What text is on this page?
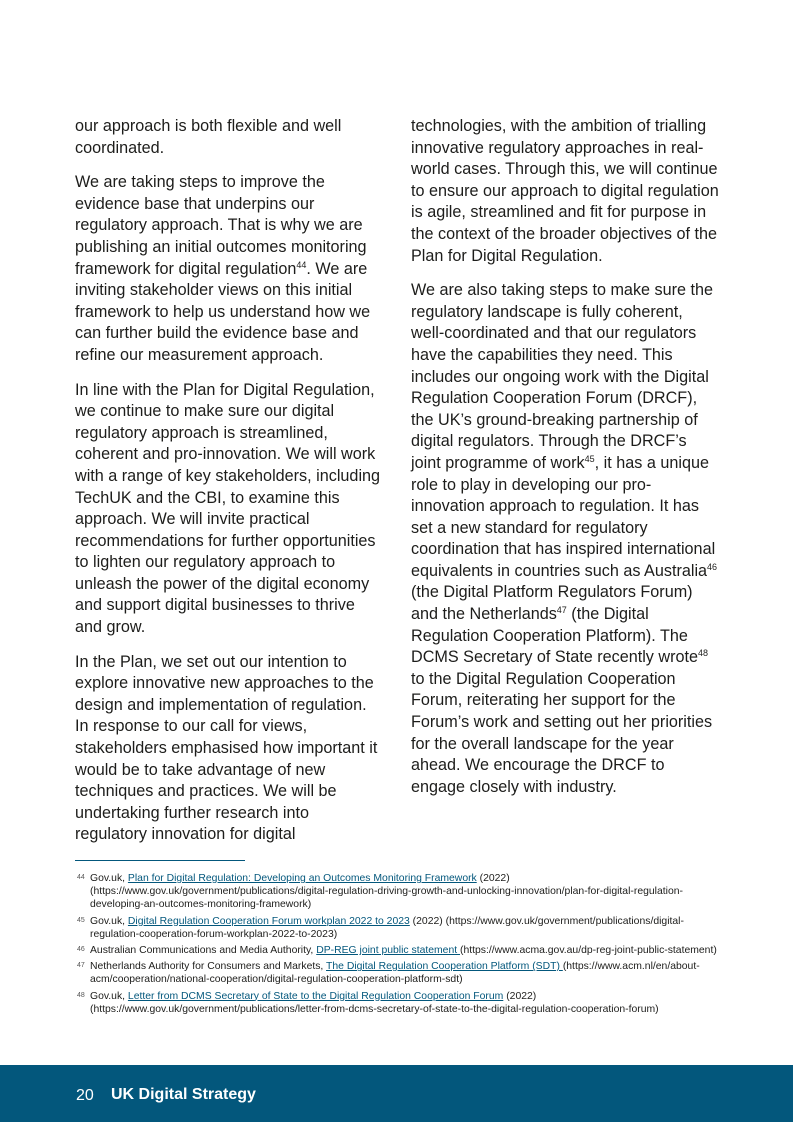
our approach is both flexible and well coordinated.

We are taking steps to improve the evidence base that underpins our regulatory approach. That is why we are publishing an initial outcomes monitoring framework for digital regulation$^{44}$. We are inviting stakeholder views on this initial framework to help us understand how we can further build the evidence base and refine our measurement approach.

In line with the Plan for Digital Regulation, we continue to make sure our digital regulatory approach is streamlined, coherent and pro-innovation. We will work with a range of key stakeholders, including TechUK and the CBI, to examine this approach. We will invite practical recommendations for further opportunities to lighten our regulatory approach to unleash the power of the digital economy and support digital businesses to thrive and grow.

In the Plan, we set out our intention to explore innovative new approaches to the design and implementation of regulation. In response to our call for views, stakeholders emphasised how important it would be to take advantage of new techniques and practices. We will be undertaking further research into regulatory innovation for digital

technologies, with the ambition of trialling innovative regulatory approaches in real-world cases. Through this, we will continue to ensure our approach to digital regulation is agile, streamlined and fit for purpose in the context of the broader objectives of the Plan for Digital Regulation.

We are also taking steps to make sure the regulatory landscape is fully coherent, well-coordinated and that our regulators have the capabilities they need. This includes our ongoing work with the Digital Regulation Cooperation Forum (DRCF), the UK’s ground-breaking partnership of digital regulators. Through the DRCF’s joint programme of work$^{45}$, it has a unique role to play in developing our pro-innovation approach to regulation. It has set a new standard for regulatory coordination that has inspired international equivalents in countries such as Australia$^{46}$ (the Digital Platform Regulators Forum) and the Netherlands$^{47}$ (the Digital Regulation Cooperation Platform). The DCMS Secretary of State recently wrote$^{48}$ to the Digital Regulation Cooperation Forum, reiterating her support for the Forum’s work and setting out her priorities for the overall landscape for the year ahead. We encourage the DRCF to engage closely with industry.

44 Gov.uk, Plan for Digital Regulation: Developing an Outcomes Monitoring Framework (2022) (https://www.gov.uk/government/publications/digital-regulation-driving-growth-and-unlocking-innovation/plan-for-digital-regulation-developing-an-outcomes-monitoring-framework)
45 Gov.uk, Digital Regulation Cooperation Forum workplan 2022 to 2023 (2022) (https://www.gov.uk/government/publications/digital-regulation-cooperation-forum-workplan-2022-to-2023)
46 Australian Communications and Media Authority, DP-REG joint public statement (https://www.acma.gov.au/dp-reg-joint-public-statement)
47 Netherlands Authority for Consumers and Markets, The Digital Regulation Cooperation Platform (SDT) (https://www.acm.nl/en/about-acm/cooperation/national-cooperation/digital-regulation-cooperation-platform-sdt)
48 Gov.uk, Letter from DCMS Secretary of State to the Digital Regulation Cooperation Forum (2022) (https://www.gov.uk/government/publications/letter-from-dcms-secretary-of-state-to-the-digital-regulation-cooperation-forum)
20 UK Digital Strategy
